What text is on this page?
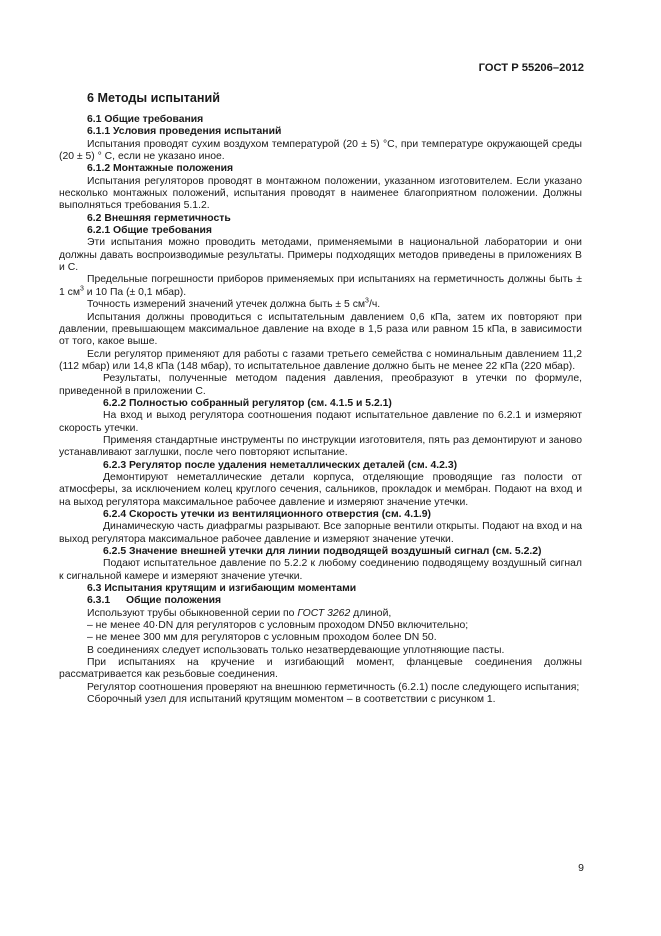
ГОСТ Р 55206–2012

6 Методы испытаний

6.1 Общие требования

6.1.1 Условия проведения испытаний

Испытания проводят сухим воздухом температурой (20 ± 5) °С, при температуре окружающей среды (20 ± 5) ° С, если не указано иное.

6.1.2 Монтажные положения

Испытания регуляторов проводят в монтажном положении, указанном изготовителем. Если указано несколько монтажных положений, испытания проводят в наименее благоприятном положении. Должны выполняться требования 5.1.2.

6.2 Внешняя герметичность

6.2.1 Общие требования

Эти испытания можно проводить методами, применяемыми в национальной лаборатории и они должны давать воспроизводимые результаты. Примеры подходящих методов приведены в приложениях В и С.

Предельные погрешности приборов применяемых при испытаниях на герметичность должны быть ± 1 $см^3$ и 10 Па (± 0,1 мбар).

Точность измерений значений утечек должна быть ± 5 $см^3/ч$.

Испытания должны проводиться с испытательным давлением 0,6 кПа, затем их повторяют при давлении, превышающем максимальное давление на входе в 1,5 раза или равном 15 кПа, в зависимости от того, какое выше.

Если регулятор применяют для работы с газами третьего семейства с номинальным давлением 11,2 (112 мбар) или 14,8 кПа (148 мбар), то испытательное давление должно быть не менее 22 кПа (220 мбар).

Результаты, полученные методом падения давления, преобразуют в утечки по формуле, приведенной в приложении С.

6.2.2 Полностью собранный регулятор (см. 4.1.5 и 5.2.1)

На вход и выход регулятора соотношения подают испытательное давление по 6.2.1 и измеряют скорость утечки.

Применяя стандартные инструменты по инструкции изготовителя, пять раз демонтируют и заново устанавливают заглушки, после чего повторяют испытание.

6.2.3 Регулятор после удаления неметаллических деталей (см. 4.2.3)

Демонтируют неметаллические детали корпуса, отделяющие проводящие газ полости от атмосферы, за исключением колец круглого сечения, сальников, прокладок и мембран. Подают на вход и на выход регулятора максимальное рабочее давление и измеряют значение утечки.

6.2.4 Скорость утечки из вентиляционного отверстия (см. 4.1.9)

Динамическую часть диафрагмы разрывают. Все запорные вентили открыты. Подают на вход и на выход регулятора максимальное рабочее давление и измеряют значение утечки.

6.2.5 Значение внешней утечки для линии подводящей воздушный сигнал (см. 5.2.2)

Подают испытательное давление по 5.2.2 к любому соединению подводящему воздушный сигнал к сигнальной камере и измеряют значение утечки.

6.3 Испытания крутящим и изгибающим моментами

6.3.1 Общие положения

Используют трубы обыкновенной серии по ГОСТ 3262 длиной,

– не менее 40·DN для регуляторов с условным проходом DN50 включительно;

– не менее 300 мм для регуляторов с условным проходом более DN 50.

В соединениях следует использовать только незатвердевающие уплотняющие пасты.

При испытаниях на кручение и изгибающий момент, фланцевые соединения должны рассматривается как резьбовые соединения.

Регулятор соотношения проверяют на внешнюю герметичность (6.2.1) после следующего испытания;

Сборочный узел для испытаний крутящим моментом – в соответствии с рисунком 1.

9
